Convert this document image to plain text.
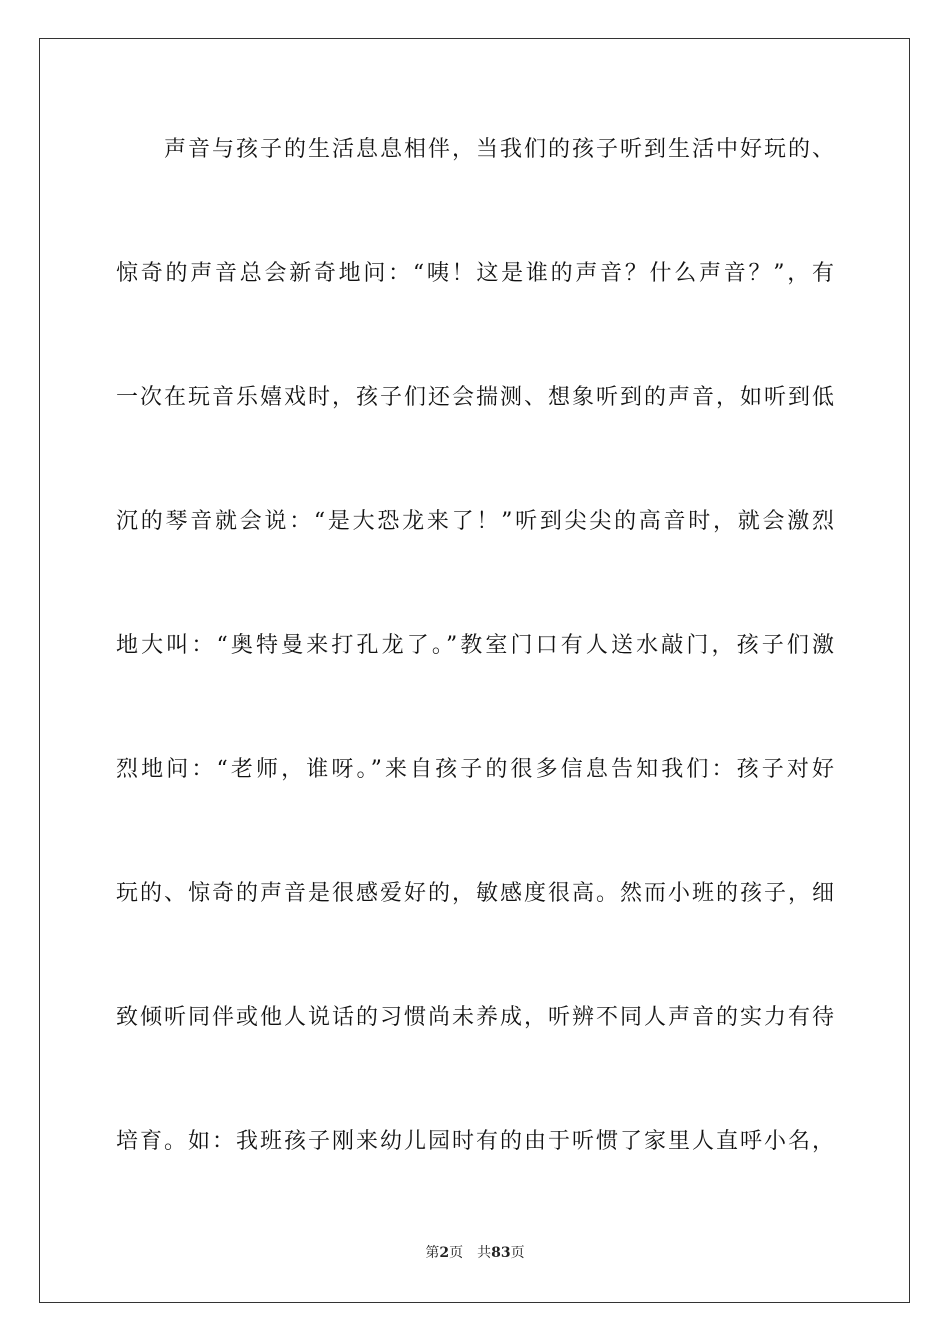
声音与孩子的生活息息相伴，当我们的孩子听到生活中好玩的、
惊奇的声音总会新奇地问：“咦！这是谁的声音？什么声音？”，有
一次在玩音乐嬉戏时，孩子们还会揣测、想象听到的声音，如听到低
沉的琴音就会说：“是大恐龙来了！”听到尖尖的高音时，就会激烈
地大叫：“奥特曼来打孔龙了。”教室门口有人送水敲门，孩子们激
烈地问：“老师，谁呀。”来自孩子的很多信息告知我们：孩子对好
玩的、惊奇的声音是很感爱好的，敏感度很高。然而小班的孩子，细
致倾听同伴或他人说话的习惯尚未养成，听辨不同人声音的实力有待
培育。如：我班孩子刚来幼儿园时有的由于听惯了家里人直呼小名，
第2页 共83页
